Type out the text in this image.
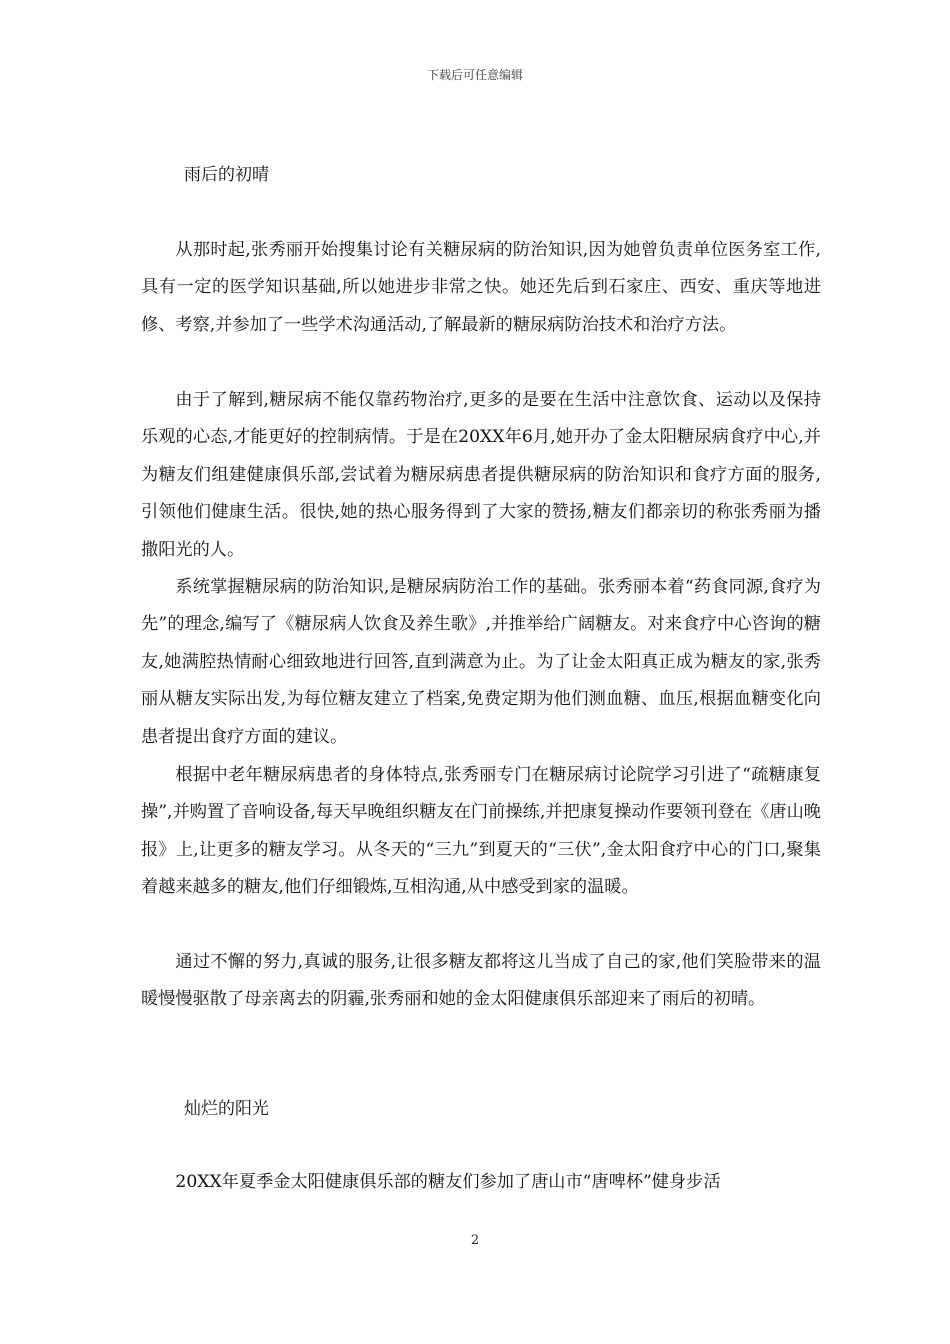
下载后可任意编辑
雨后的初晴

从那时起,张秀丽开始搜集讨论有关糖尿病的防治知识,因为她曾负责单位医务室工作,具有一定的医学知识基础,所以她进步非常之快。她还先后到石家庄、西安、重庆等地进修、考察,并参加了一些学术沟通活动,了解最新的糖尿病防治技术和治疗方法。

由于了解到,糖尿病不能仅靠药物治疗,更多的是要在生活中注意饮食、运动以及保持乐观的心态,才能更好的控制病情。于是在20XX年6月,她开办了金太阳糖尿病食疗中心,并为糖友们组建健康俱乐部,尝试着为糖尿病患者提供糖尿病的防治知识和食疗方面的服务,引领他们健康生活。很快,她的热心服务得到了大家的赞扬,糖友们都亲切的称张秀丽为播撒阳光的人。

系统掌握糖尿病的防治知识,是糖尿病防治工作的基础。张秀丽本着“药食同源,食疗为先”的理念,编写了《糖尿病人饮食及养生歌》,并推举给广阔糖友。对来食疗中心咨询的糖友,她满腔热情耐心细致地进行回答,直到满意为止。为了让金太阳真正成为糖友的家,张秀丽从糖友实际出发,为每位糖友建立了档案,免费定期为他们测血糖、血压,根据血糖变化向患者提出食疗方面的建议。

根据中老年糖尿病患者的身体特点,张秀丽专门在糖尿病讨论院学习引进了“疏糖康复操”,并购置了音响设备,每天早晚组织糖友在门前操练,并把康复操动作要领刊登在《唐山晚报》上,让更多的糖友学习。从冬天的“三九”到夏天的“三伏”,金太阳食疗中心的门口,聚集着越来越多的糖友,他们仔细锻炼,互相沟通,从中感受到家的温暖。

通过不懈的努力,真诚的服务,让很多糖友都将这儿当成了自己的家,他们笑脸带来的温暖慢慢驱散了母亲离去的阴霾,张秀丽和她的金太阳健康俱乐部迎来了雨后的初晴。

灿烂的阳光

20XX年夏季金太阳健康俱乐部的糖友们参加了唐山市“唐啤杯”健身步活

2
